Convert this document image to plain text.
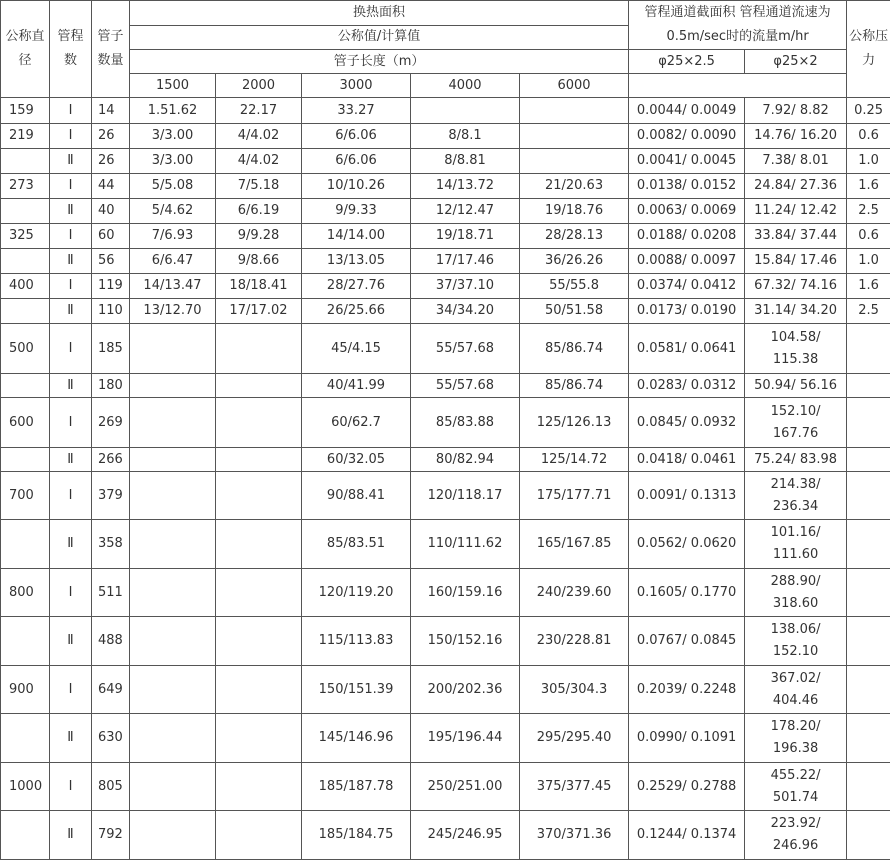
公称直径	管程数	管子数量	换热面积					管程通道截面积 管程通道流速为0.5m/sec时的流量m/hr		公称压力
			公称值/计算值							
			管子长度（m）					φ25×2.5	φ25×2	
			1500	2000	3000	4000	6000			
159	Ⅰ	14	1.51.62	22.17	33.27			0.0044/ 0.0049	7.92/ 8.82	0.25
219	Ⅰ	26	3/3.00	4/4.02	6/6.06	8/8.1		0.0082/ 0.0090	14.76/ 16.20	0.6
	Ⅱ	26	3/3.00	4/4.02	6/6.06	8/8.81		0.0041/ 0.0045	7.38/ 8.01	1.0
273	Ⅰ	44	5/5.08	7/5.18	10/10.26	14/13.72	21/20.63	0.0138/ 0.0152	24.84/ 27.36	1.6
	Ⅱ	40	5/4.62	6/6.19	9/9.33	12/12.47	19/18.76	0.0063/ 0.0069	11.24/ 12.42	2.5
325	Ⅰ	60	7/6.93	9/9.28	14/14.00	19/18.71	28/28.13	0.0188/ 0.0208	33.84/ 37.44	0.6
	Ⅱ	56	6/6.47	9/8.66	13/13.05	17/17.46	36/26.26	0.0088/ 0.0097	15.84/ 17.46	1.0
400	Ⅰ	119	14/13.47	18/18.41	28/27.76	37/37.10	55/55.8	0.0374/ 0.0412	67.32/ 74.16	1.6
	Ⅱ	110	13/12.70	17/17.02	26/25.66	34/34.20	50/51.58	0.0173/ 0.0190	31.14/ 34.20	2.5
500	Ⅰ	185			45/4.15	55/57.68	85/86.74	0.0581/ 0.0641	104.58/ 115.38	
	Ⅱ	180			40/41.99	55/57.68	85/86.74	0.0283/ 0.0312	50.94/ 56.16	
600	Ⅰ	269			60/62.7	85/83.88	125/126.13	0.0845/ 0.0932	152.10/ 167.76	
	Ⅱ	266			60/32.05	80/82.94	125/14.72	0.0418/ 0.0461	75.24/ 83.98	
700	Ⅰ	379			90/88.41	120/118.17	175/177.71	0.0091/ 0.1313	214.38/ 236.34	
	Ⅱ	358			85/83.51	110/111.62	165/167.85	0.0562/ 0.0620	101.16/ 111.60	
800	Ⅰ	511			120/119.20	160/159.16	240/239.60	0.1605/ 0.1770	288.90/ 318.60	
	Ⅱ	488			115/113.83	150/152.16	230/228.81	0.0767/ 0.0845	138.06/ 152.10	
900	Ⅰ	649			150/151.39	200/202.36	305/304.3	0.2039/ 0.2248	367.02/ 404.46	
	Ⅱ	630			145/146.96	195/196.44	295/295.40	0.0990/ 0.1091	178.20/ 196.38	
1000	Ⅰ	805			185/187.78	250/251.00	375/377.45	0.2529/ 0.2788	455.22/ 501.74	
	Ⅱ	792			185/184.75	245/246.95	370/371.36	0.1244/ 0.1374	223.92/ 246.96	
